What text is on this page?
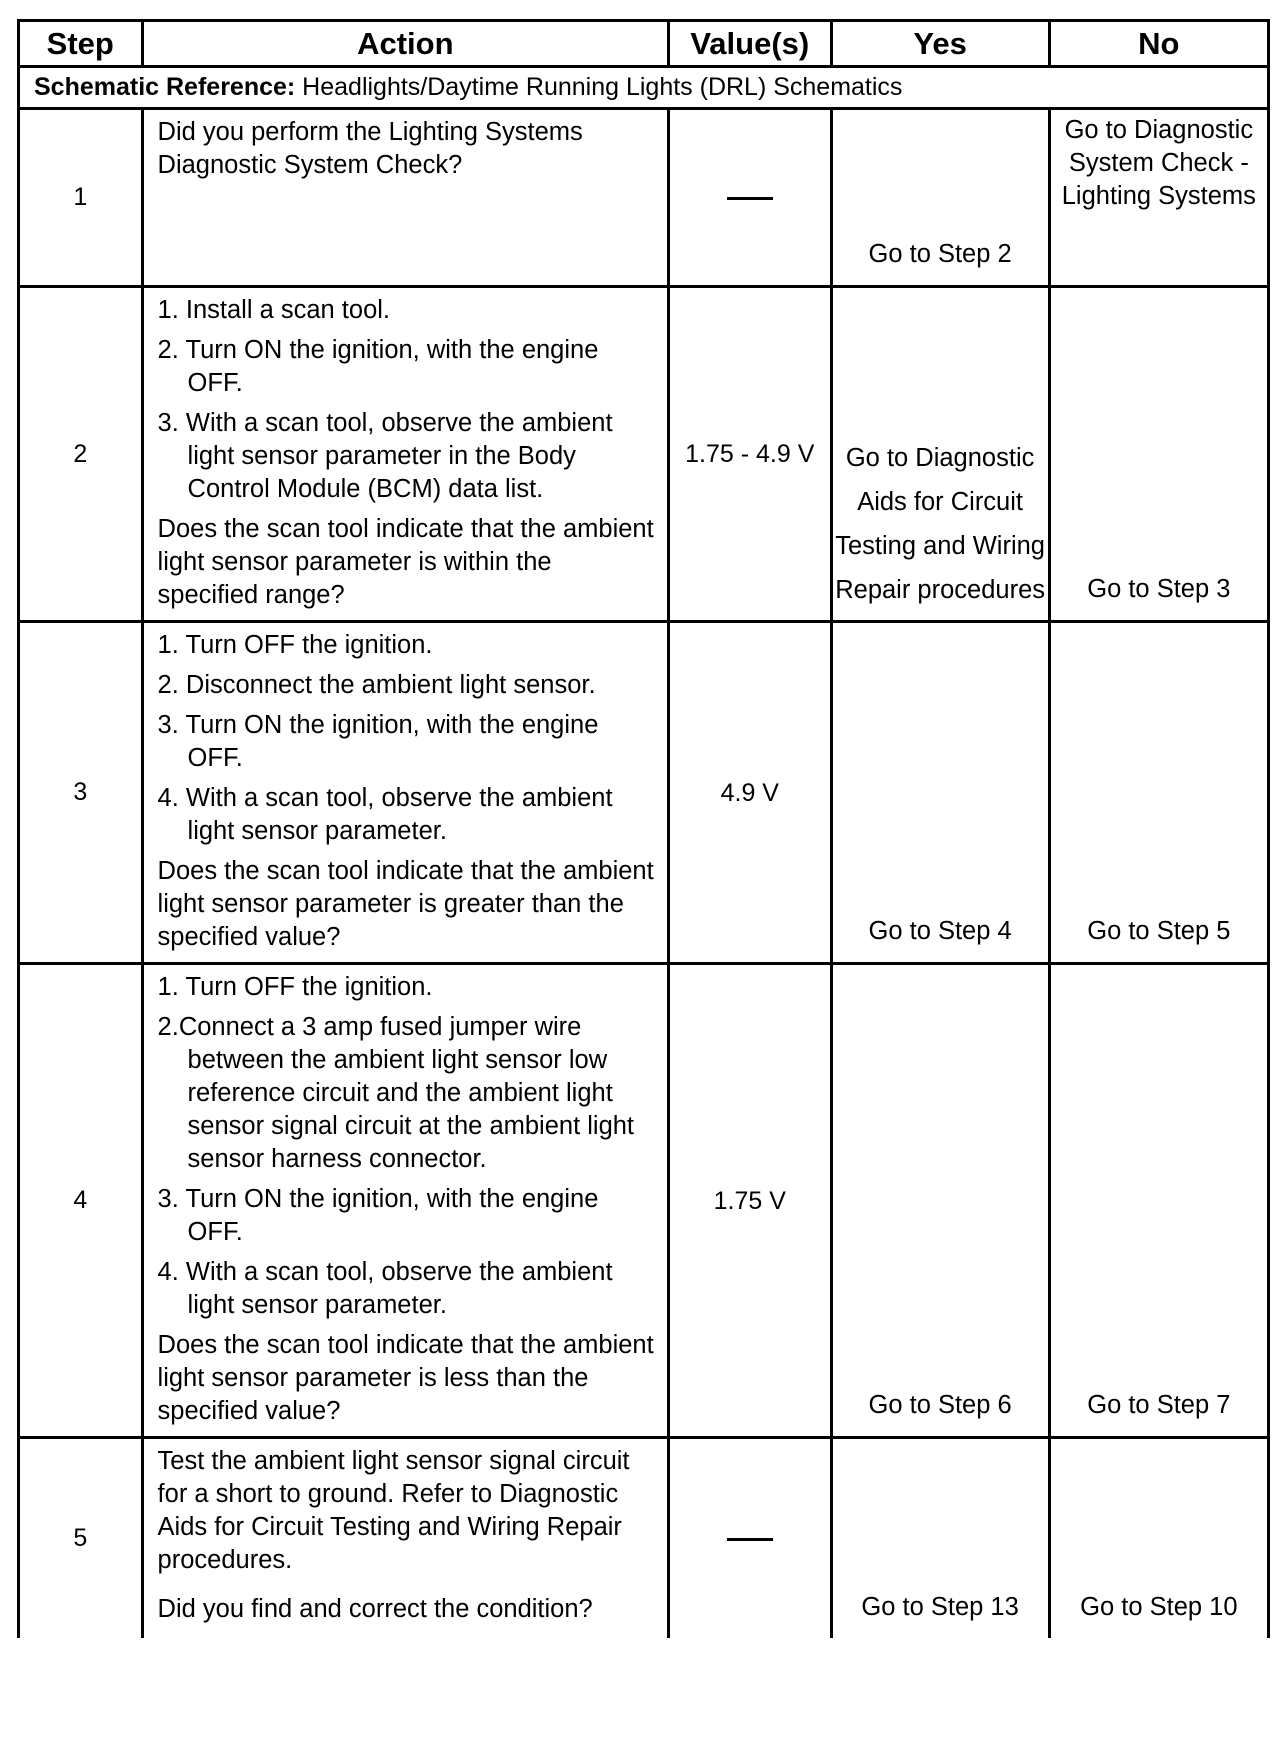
Step	Action	Value(s)	Yes	No
Schematic Reference: Headlights/Daytime Running Lights (DRL) Schematics				
1	Did you perform the Lighting Systems Diagnostic System Check?		Go to Step 2	Go to Diagnostic System Check - Lighting Systems
2	1. Install a scan tool.
2. Turn ON the ignition, with the engine OFF.
3. With a scan tool, observe the ambient light sensor parameter in the Body Control Module (BCM) data list.
Does the scan tool indicate that the ambient light sensor parameter is within the specified range?	1.75 - 4.9 V	Go to Diagnostic Aids for Circuit Testing and Wiring Repair procedures	Go to Step 3
3	1. Turn OFF the ignition.
2. Disconnect the ambient light sensor.
3. Turn ON the ignition, with the engine OFF.
4. With a scan tool, observe the ambient light sensor parameter.
Does the scan tool indicate that the ambient light sensor parameter is greater than the specified value?	4.9 V	Go to Step 4	Go to Step 5
4	1. Turn OFF the ignition.
2.Connect a 3 amp fused jumper wire between the ambient light sensor low reference circuit and the ambient light sensor signal circuit at the ambient light sensor harness connector.
3. Turn ON the ignition, with the engine OFF.
4. With a scan tool, observe the ambient light sensor parameter.
Does the scan tool indicate that the ambient light sensor parameter is less than the specified value?	1.75 V	Go to Step 6	Go to Step 7
5	Test the ambient light sensor signal circuit for a short to ground. Refer to Diagnostic Aids for Circuit Testing and Wiring Repair procedures.
Did you find and correct the condition?		Go to Step 13	Go to Step 10
